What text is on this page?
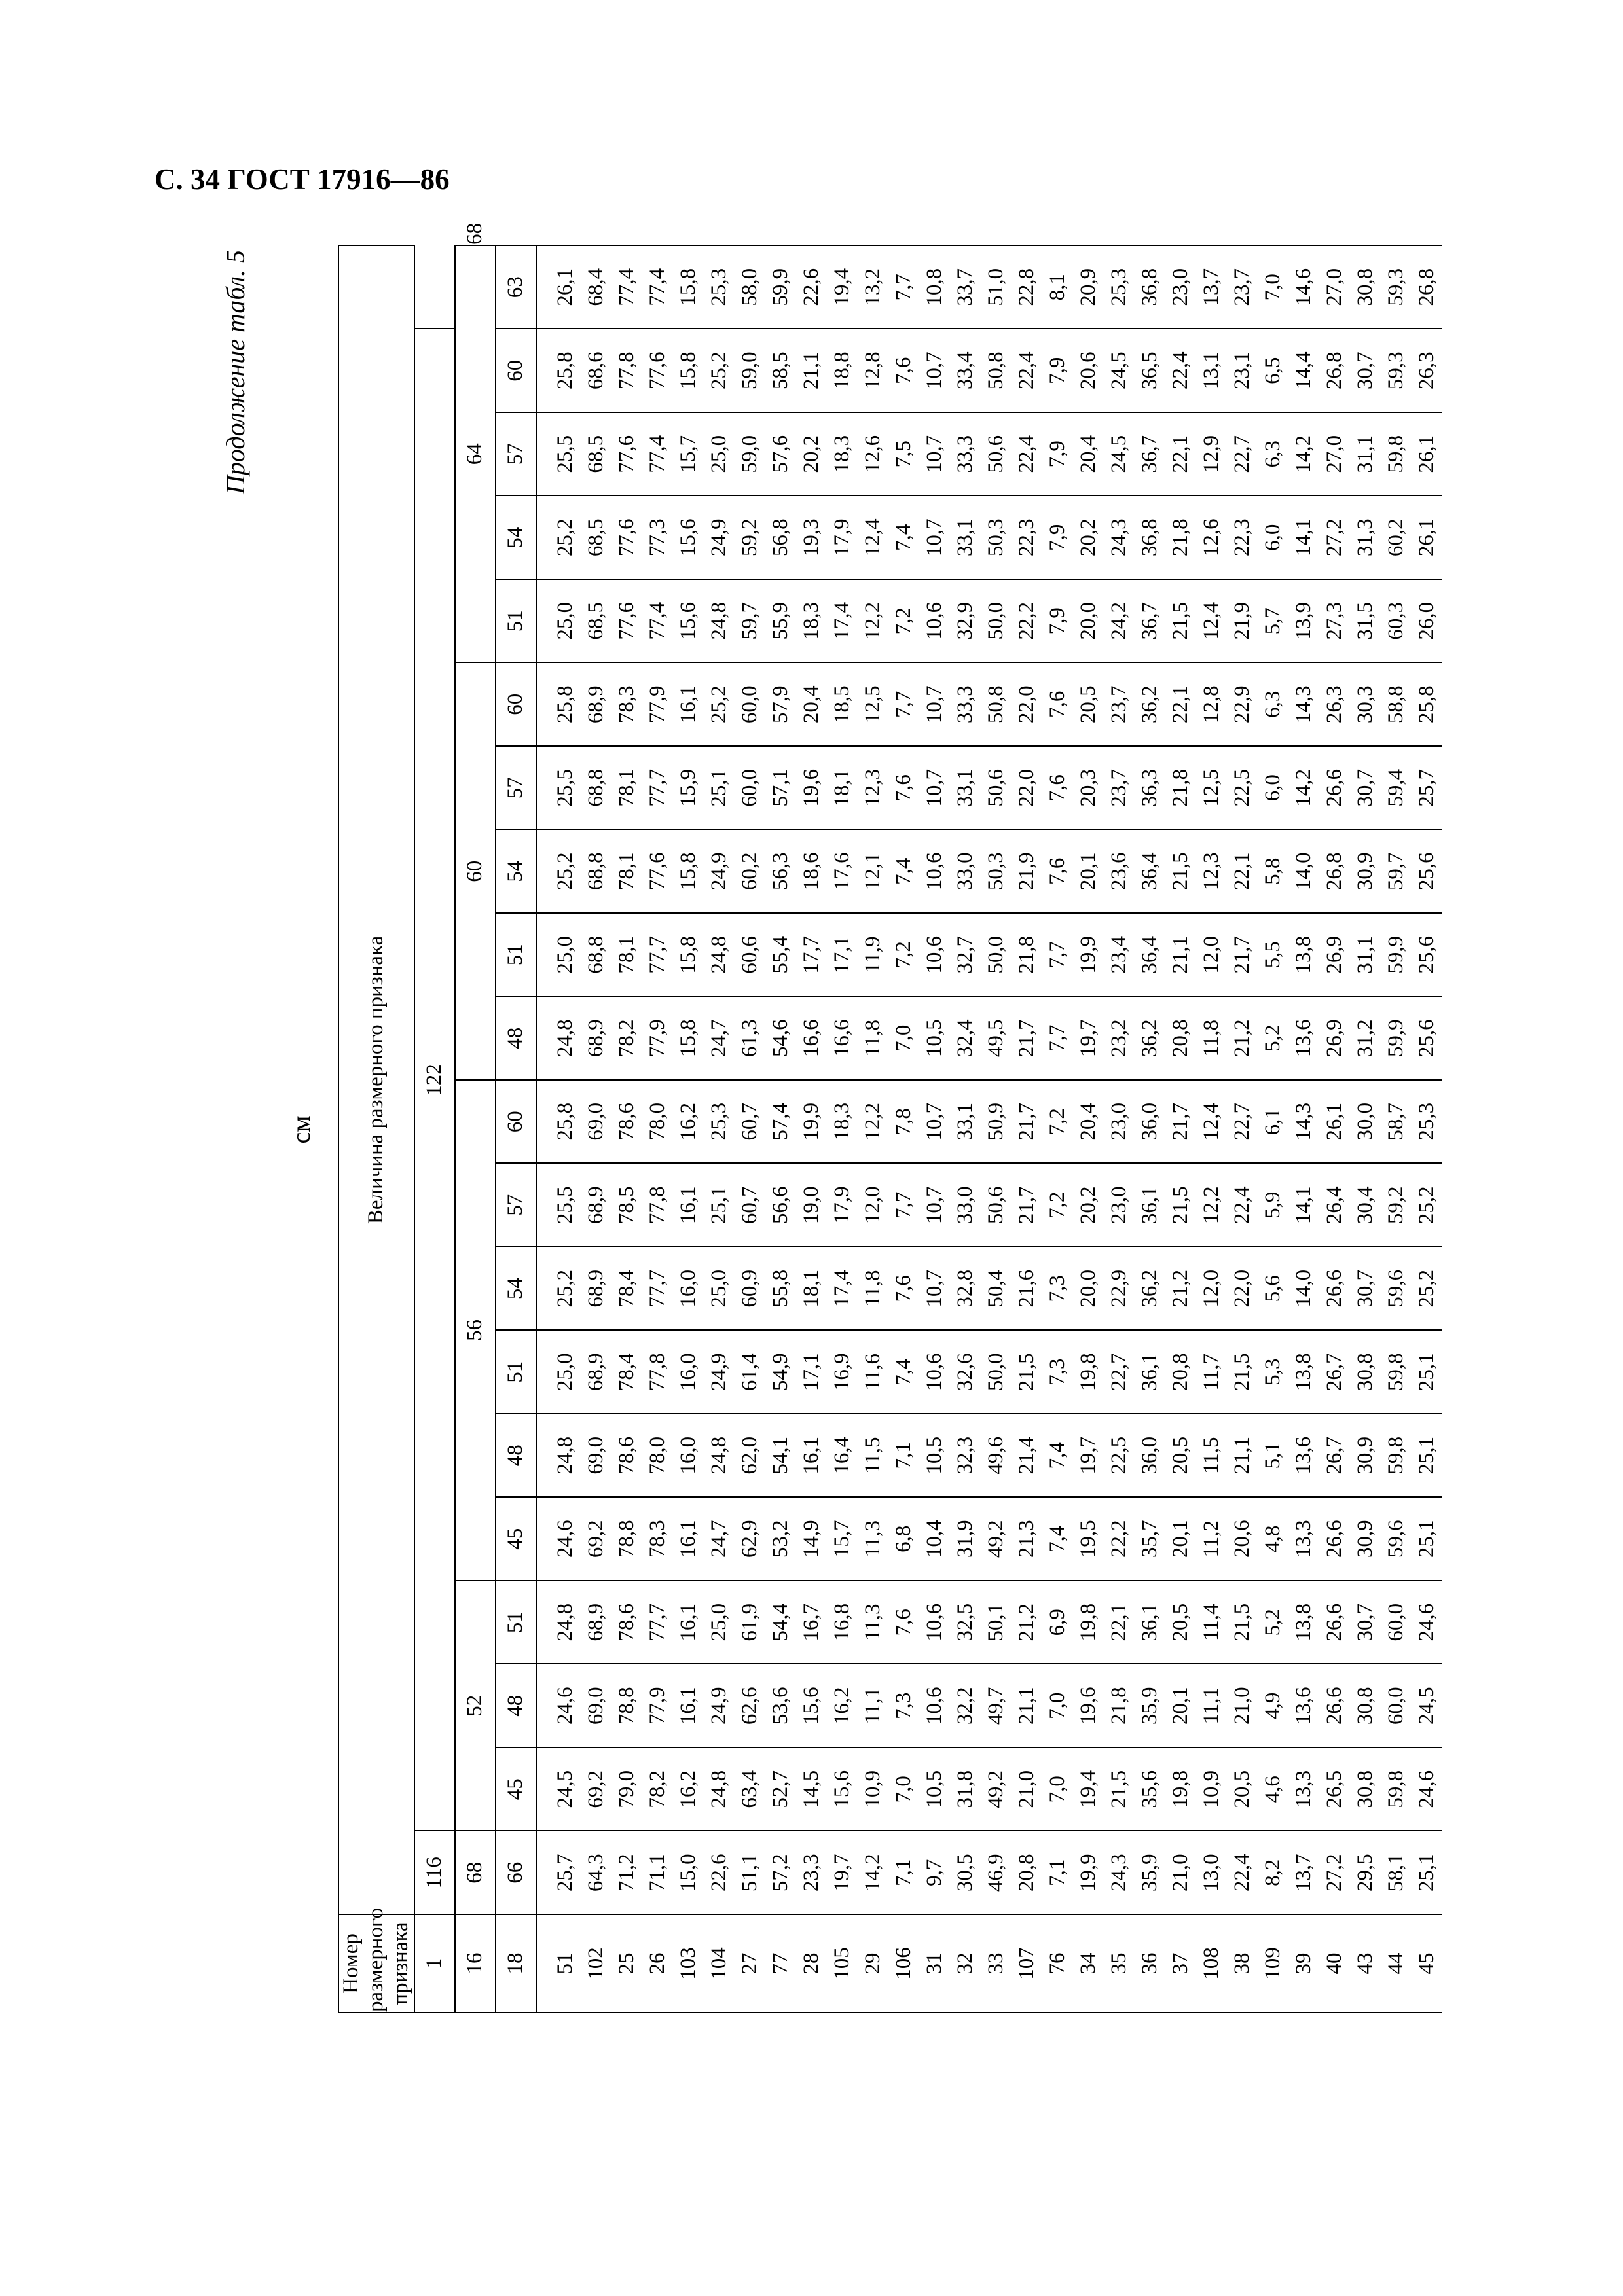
С. 34 ГОСТ 17916—86
Продолжение табл. 5
см
Номер размерного признака	Величина размерного признака																				
1	116	122																			
16	68	52			56						60					64					68
18	66	45	48	51	45	48	51	54	57	60	48	51	54	57	60	51	54	57	60	63	
51	25,7	24,5	24,6	24,8	24,6	24,8	25,0	25,2	25,5	25,8	24,8	25,0	25,2	25,5	25,8	25,0	25,2	25,5	25,8	26,1	
102	64,3	69,2	69,0	68,9	69,2	69,0	68,9	68,9	68,9	69,0	68,9	68,8	68,8	68,8	68,9	68,5	68,5	68,5	68,6	68,4	
25	71,2	79,0	78,8	78,6	78,8	78,6	78,4	78,4	78,5	78,6	78,2	78,1	78,1	78,1	78,3	77,6	77,6	77,6	77,8	77,4	
26	71,1	78,2	77,9	77,7	78,3	78,0	77,8	77,7	77,8	78,0	77,9	77,7	77,6	77,7	77,9	77,4	77,3	77,4	77,6	77,4	
103	15,0	16,2	16,1	16,1	16,1	16,0	16,0	16,0	16,1	16,2	15,8	15,8	15,8	15,9	16,1	15,6	15,6	15,7	15,8	15,8	
104	22,6	24,8	24,9	25,0	24,7	24,8	24,9	25,0	25,1	25,3	24,7	24,8	24,9	25,1	25,2	24,8	24,9	25,0	25,2	25,3	
27	51,1	63,4	62,6	61,9	62,9	62,0	61,4	60,9	60,7	60,7	61,3	60,6	60,2	60,0	60,0	59,7	59,2	59,0	59,0	58,0	
77	57,2	52,7	53,6	54,4	53,2	54,1	54,9	55,8	56,6	57,4	54,6	55,4	56,3	57,1	57,9	55,9	56,8	57,6	58,5	59,9	
28	23,3	14,5	15,6	16,7	14,9	16,1	17,1	18,1	19,0	19,9	16,6	17,7	18,6	19,6	20,4	18,3	19,3	20,2	21,1	22,6	
105	19,7	15,6	16,2	16,8	15,7	16,4	16,9	17,4	17,9	18,3	16,6	17,1	17,6	18,1	18,5	17,4	17,9	18,3	18,8	19,4	
29	14,2	10,9	11,1	11,3	11,3	11,5	11,6	11,8	12,0	12,2	11,8	11,9	12,1	12,3	12,5	12,2	12,4	12,6	12,8	13,2	
106	7,1	7,0	7,3	7,6	6,8	7,1	7,4	7,6	7,7	7,8	7,0	7,2	7,4	7,6	7,7	7,2	7,4	7,5	7,6	7,7	
31	9,7	10,5	10,6	10,6	10,4	10,5	10,6	10,7	10,7	10,7	10,5	10,6	10,6	10,7	10,7	10,6	10,7	10,7	10,7	10,8	
32	30,5	31,8	32,2	32,5	31,9	32,3	32,6	32,8	33,0	33,1	32,4	32,7	33,0	33,1	33,3	32,9	33,1	33,3	33,4	33,7	
33	46,9	49,2	49,7	50,1	49,2	49,6	50,0	50,4	50,6	50,9	49,5	50,0	50,3	50,6	50,8	50,0	50,3	50,6	50,8	51,0	
107	20,8	21,0	21,1	21,2	21,3	21,4	21,5	21,6	21,7	21,7	21,7	21,8	21,9	22,0	22,0	22,2	22,3	22,4	22,4	22,8	
76	7,1	7,0	7,0	6,9	7,4	7,4	7,3	7,3	7,2	7,2	7,7	7,7	7,6	7,6	7,6	7,9	7,9	7,9	7,9	8,1	
34	19,9	19,4	19,6	19,8	19,5	19,7	19,8	20,0	20,2	20,4	19,7	19,9	20,1	20,3	20,5	20,0	20,2	20,4	20,6	20,9	
35	24,3	21,5	21,8	22,1	22,2	22,5	22,7	22,9	23,0	23,0	23,2	23,4	23,6	23,7	23,7	24,2	24,3	24,5	24,5	25,3	
36	35,9	35,6	35,9	36,1	35,7	36,0	36,1	36,2	36,1	36,0	36,2	36,4	36,4	36,3	36,2	36,7	36,8	36,7	36,5	36,8	
37	21,0	19,8	20,1	20,5	20,1	20,5	20,8	21,2	21,5	21,7	20,8	21,1	21,5	21,8	22,1	21,5	21,8	22,1	22,4	23,0	
108	13,0	10,9	11,1	11,4	11,2	11,5	11,7	12,0	12,2	12,4	11,8	12,0	12,3	12,5	12,8	12,4	12,6	12,9	13,1	13,7	
38	22,4	20,5	21,0	21,5	20,6	21,1	21,5	22,0	22,4	22,7	21,2	21,7	22,1	22,5	22,9	21,9	22,3	22,7	23,1	23,7	
109	8,2	4,6	4,9	5,2	4,8	5,1	5,3	5,6	5,9	6,1	5,2	5,5	5,8	6,0	6,3	5,7	6,0	6,3	6,5	7,0	
39	13,7	13,3	13,6	13,8	13,3	13,6	13,8	14,0	14,1	14,3	13,6	13,8	14,0	14,2	14,3	13,9	14,1	14,2	14,4	14,6	
40	27,2	26,5	26,6	26,6	26,6	26,7	26,7	26,6	26,4	26,1	26,9	26,9	26,8	26,6	26,3	27,3	27,2	27,0	26,8	27,0	
43	29,5	30,8	30,8	30,7	30,9	30,9	30,8	30,7	30,4	30,0	31,2	31,1	30,9	30,7	30,3	31,5	31,3	31,1	30,7	30,8	
44	58,1	59,8	60,0	60,0	59,6	59,8	59,8	59,6	59,2	58,7	59,9	59,9	59,7	59,4	58,8	60,3	60,2	59,8	59,3	59,3	
45	25,1	24,6	24,5	24,6	25,1	25,1	25,1	25,2	25,2	25,3	25,6	25,6	25,6	25,7	25,8	26,0	26,1	26,1	26,3	26,8	
